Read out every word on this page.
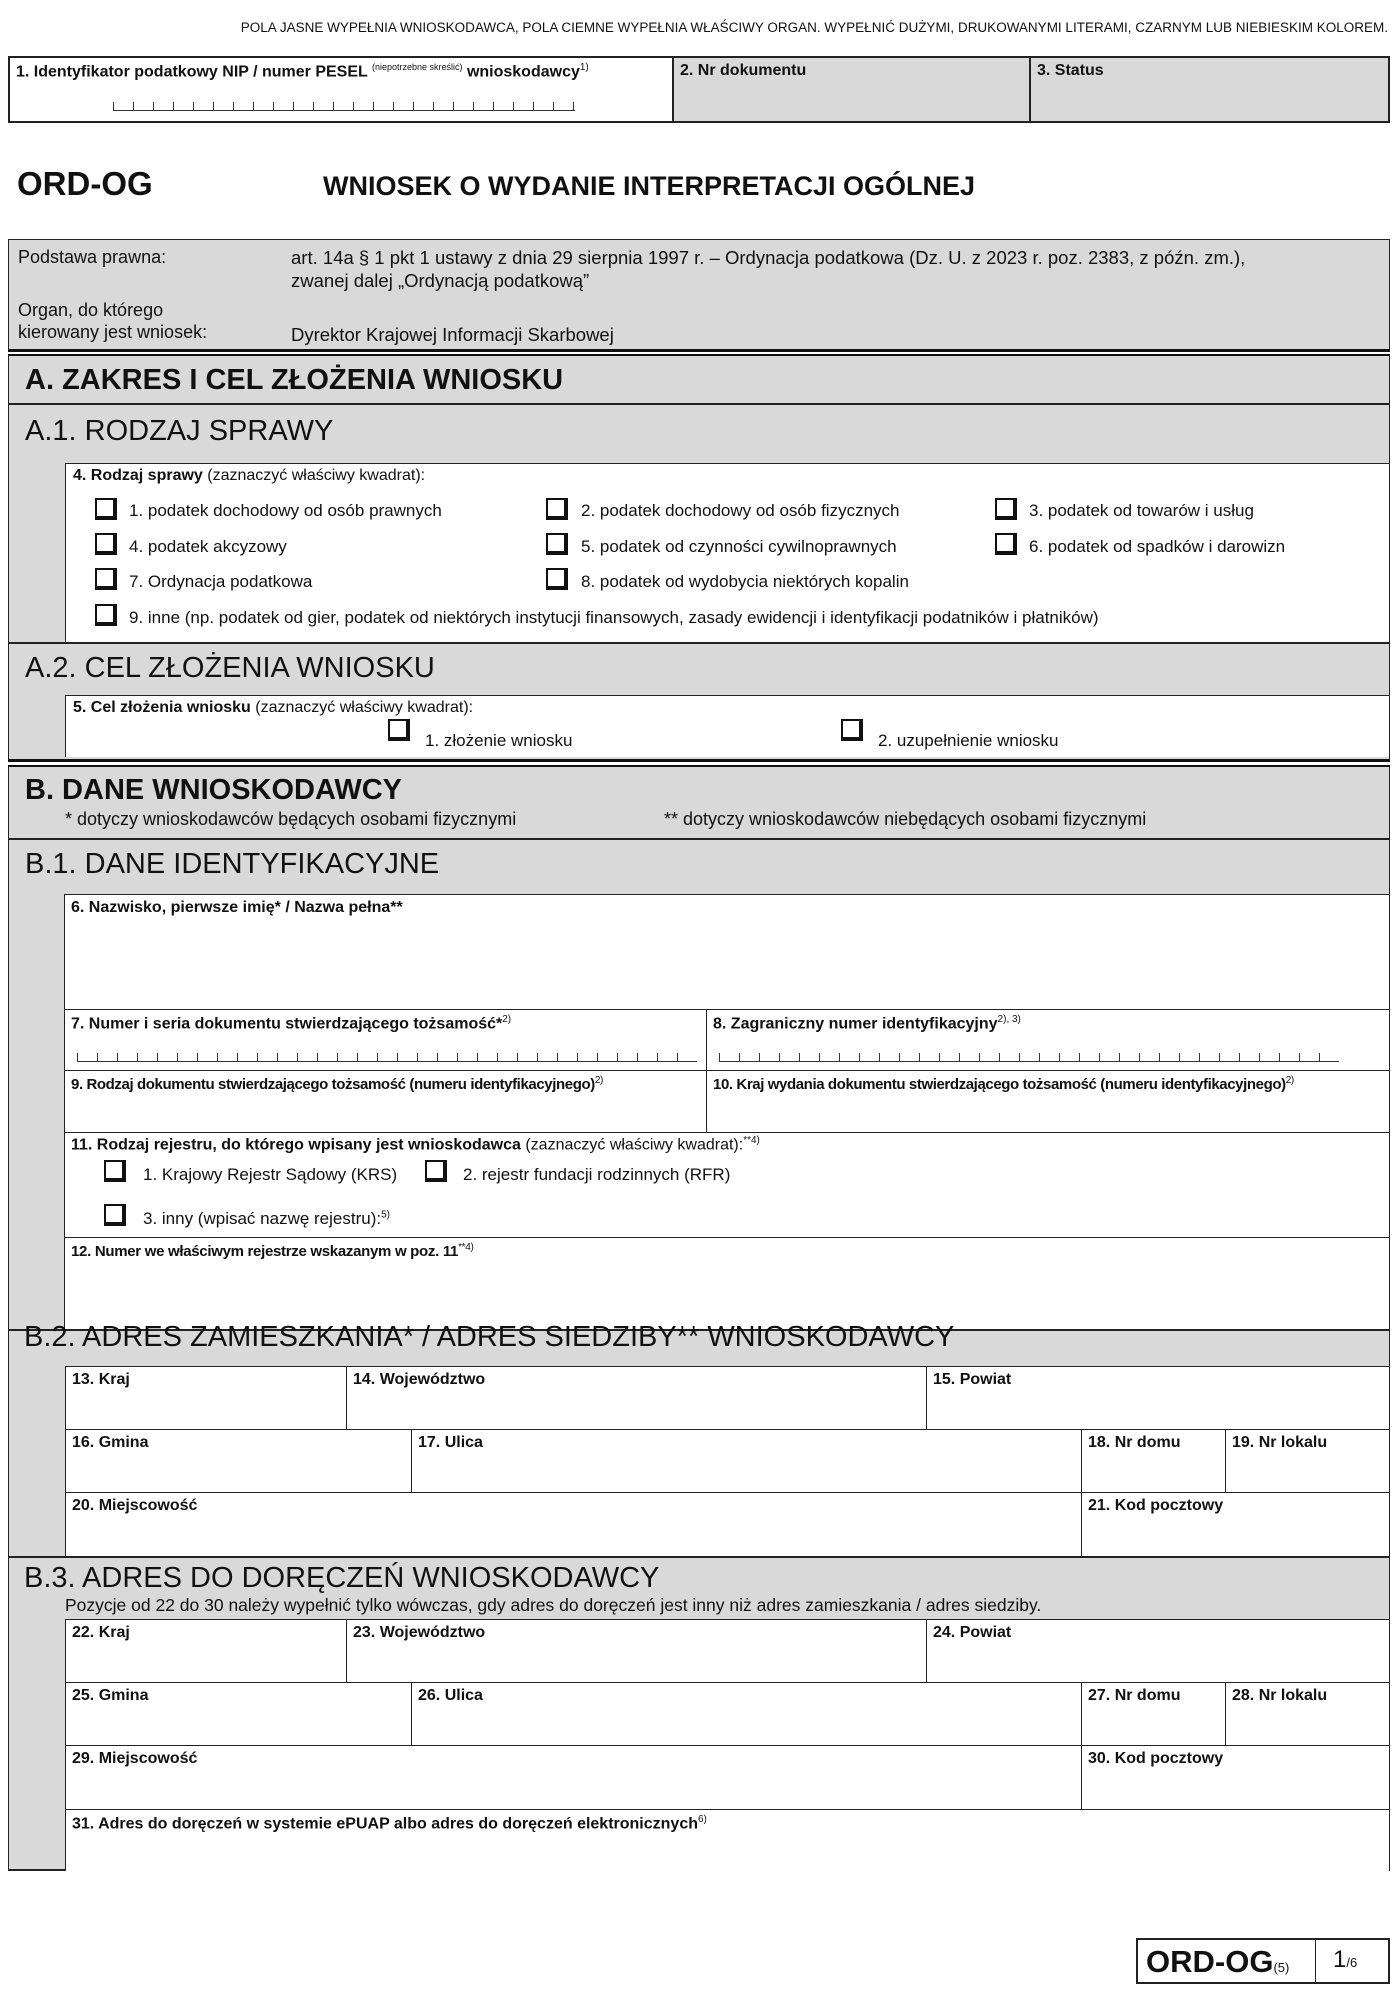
POLA JASNE WYPEŁNIA WNIOSKODAWCA, POLA CIEMNE WYPEŁNIA WŁAŚCIWY ORGAN. WYPEŁNIĆ DUŻYMI, DRUKOWANYMI LITERAMI, CZARNYM LUB NIEBIESKIM KOLOREM.
1. Identyfikator podatkowy NIP / numer PESEL $^{(niepotrzebne skreślić)}$ wnioskodawcy$^{1)}$	2. Nr dokumentu	3. Status
ORD-OG	WNIOSEK O WYDANIE INTERPRETACJI OGÓLNEJ
Podstawa prawna:	art. 14a § 1 pkt 1 ustawy z dnia 29 sierpnia 1997 r. – Ordynacja podatkowa (Dz. U. z 2023 r. poz. 2383, z późn. zm.),
zwanej dalej „Ordynacją podatkową”
Organ, do którego
kierowany jest wniosek:	Dyrektor Krajowej Informacji Skarbowej
A. ZAKRES I CEL ZŁOŻENIA WNIOSKU
A.1. RODZAJ SPRAWY
4. Rodzaj sprawy (zaznaczyć właściwy kwadrat):
A.2. CEL ZŁOŻENIA WNIOSKU
5. Cel złożenia wniosku (zaznaczyć właściwy kwadrat):
1. podatek dochodowy od osób prawnych	2. podatek dochodowy od osób fizycznych	3. podatek od towarów i usług
4. podatek akcyzowy	5. podatek od czynności cywilnoprawnych	6. podatek od spadków i darowizn
7. Ordynacja podatkowa	8. podatek od wydobycia niektórych kopalin
9. inne (np. podatek od gier, podatek od niektórych instytucji finansowych, zasady ewidencji i identyfikacji podatników i płatników)
1. złożenie wniosku	2. uzupełnienie wniosku
B. DANE WNIOSKODAWCY
* dotyczy wnioskodawców będących osobami fizycznymi	** dotyczy wnioskodawców niebędących osobami fizycznymi
B.1. DANE IDENTYFIKACYJNE
6. Nazwisko, pierwsze imię* / Nazwa pełna**
7. Numer i seria dokumentu stwierdzającego tożsamość*$^{2)}$	8. Zagraniczny numer identyfikacyjny$^{2), 3)}$
9. Rodzaj dokumentu stwierdzającego tożsamość (numeru identyfikacyjnego)$^{2)}$	10. Kraj wydania dokumentu stwierdzającego tożsamość (numeru identyfikacyjnego)$^{2)}$
11. Rodzaj rejestru, do którego wpisany jest wnioskodawca (zaznaczyć właściwy kwadrat):$^{**4)}$
12. Numer we właściwym rejestrze wskazanym w poz. 11$^{**4)}$
1. Krajowy Rejestr Sądowy (KRS)	2. rejestr fundacji rodzinnych (RFR)
3. inny (wpisać nazwę rejestru):$^{5)}$
B.2. ADRES ZAMIESZKANIA* / ADRES SIEDZIBY** WNIOSKODAWCY
13. Kraj	14. Województwo	15. Powiat
16. Gmina	17. Ulica	18. Nr domu	19. Nr lokalu
20. Miejscowość	21. Kod pocztowy
B.3. ADRES DO DORĘCZEŃ WNIOSKODAWCY
Pozycje od 22 do 30 należy wypełnić tylko wówczas, gdy adres do doręczeń jest inny niż adres zamieszkania / adres siedziby.
22. Kraj	23. Województwo	24. Powiat
25. Gmina	26. Ulica	27. Nr domu	28. Nr lokalu
29. Miejscowość	30. Kod pocztowy
31. Adres do doręczeń w systemie ePUAP albo adres do doręczeń elektronicznych$^{6)}$
ORD-OG(5) 1/6
